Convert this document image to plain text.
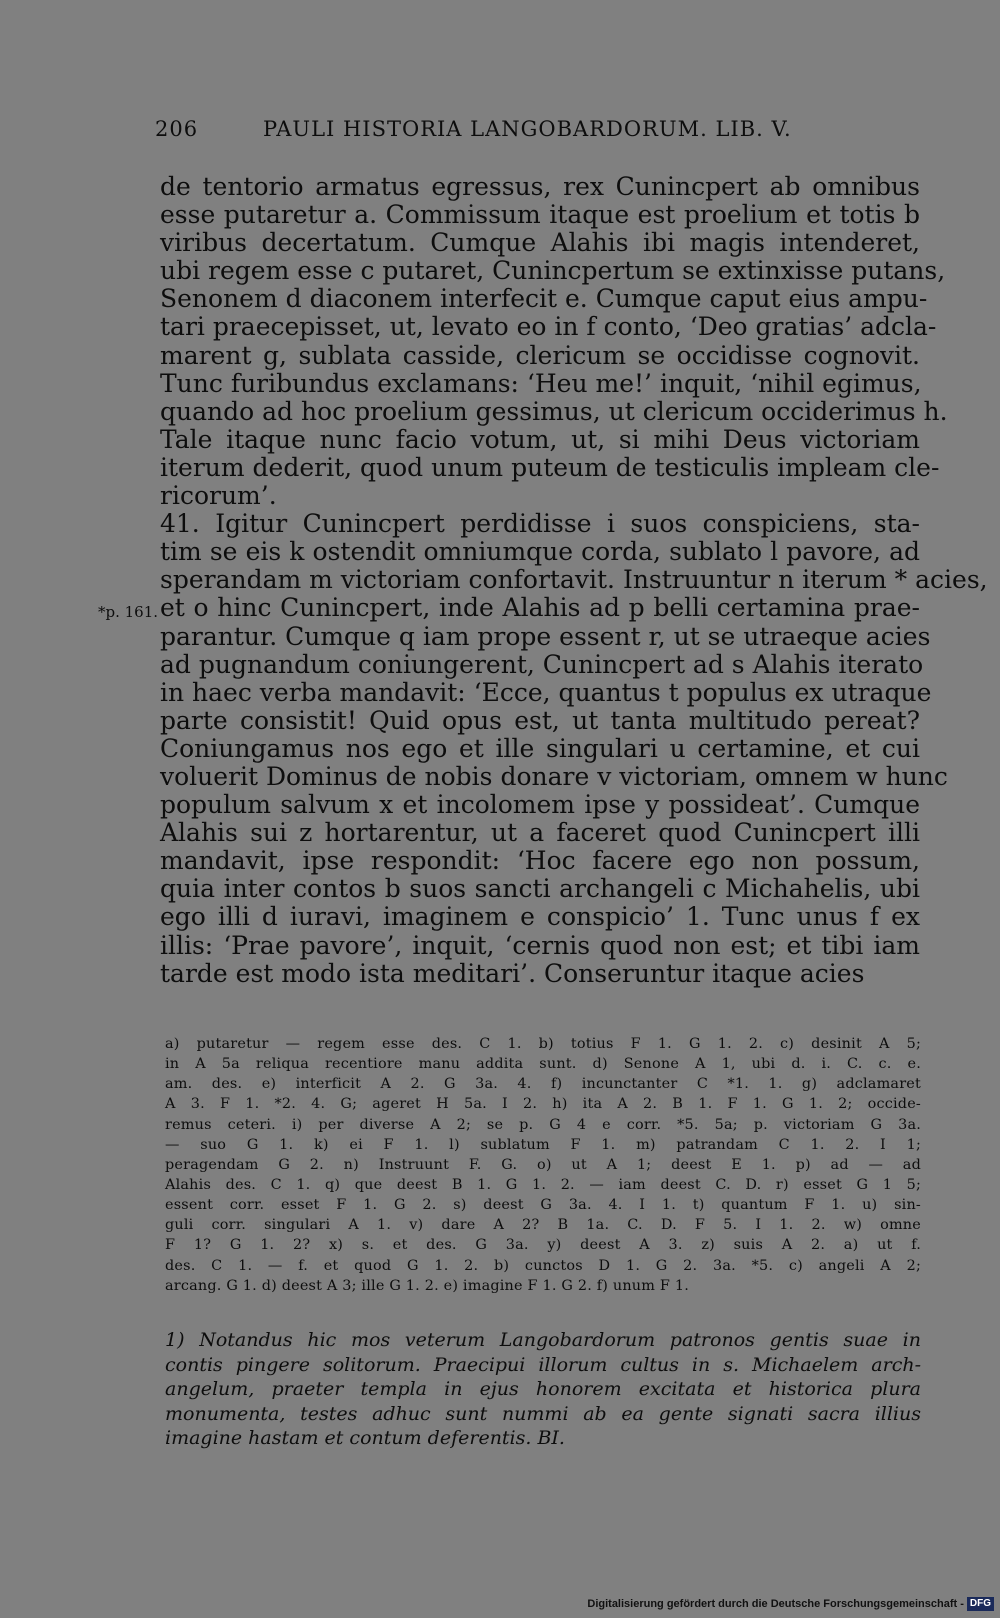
206	PAULI HISTORIA LANGOBARDORUM. LIB. V.
*p. 161.
de tentorio armatus egressus, rex Cunincpert ab omnibus
esse putaretur a. Commissum itaque est proelium et totis b
viribus decertatum. Cumque Alahis ibi magis intenderet,
ubi regem esse c putaret, Cunincpertum se extinxisse putans,
Senonem d diaconem interfecit e. Cumque caput eius ampu-
tari praecepisset, ut, levato eo in f conto, ‘Deo gratias’ adcla-
marent g, sublata casside, clericum se occidisse cognovit.
Tunc furibundus exclamans: ‘Heu me!’ inquit, ‘nihil egimus,
quando ad hoc proelium gessimus, ut clericum occiderimus h.
Tale itaque nunc facio votum, ut, si mihi Deus victoriam
iterum dederit, quod unum puteum de testiculis impleam cle-
ricorum’.
41. Igitur Cunincpert perdidisse i suos conspiciens, sta-
tim se eis k ostendit omniumque corda, sublato l pavore, ad
sperandam m victoriam confortavit. Instruuntur n iterum * acies,
et o hinc Cunincpert, inde Alahis ad p belli certamina prae-
parantur. Cumque q iam prope essent r, ut se utraeque acies
ad pugnandum coniungerent, Cunincpert ad s Alahis iterato
in haec verba mandavit: ‘Ecce, quantus t populus ex utraque
parte consistit! Quid opus est, ut tanta multitudo pereat?
Coniungamus nos ego et ille singulari u certamine, et cui
voluerit Dominus de nobis donare v victoriam, omnem w hunc
populum salvum x et incolomem ipse y possideat’. Cumque
Alahis sui z hortarentur, ut a faceret quod Cunincpert illi
mandavit, ipse respondit: ‘Hoc facere ego non possum,
quia inter contos b suos sancti archangeli c Michahelis, ubi
ego illi d iuravi, imaginem e conspicio’ 1. Tunc unus f ex
illis: ‘Prae pavore’, inquit, ‘cernis quod non est; et tibi iam
tarde est modo ista meditari’. Conseruntur itaque acies
a) putaretur — regem esse des. C 1. b) totius F 1. G 1. 2. c) desinit A 5;
in A 5a reliqua recentiore manu addita sunt. d) Senone A 1, ubi d. i. C. c. e.
am. des. e) interficit A 2. G 3a. 4. f) incunctanter C *1. 1. g) adclamaret
A 3. F 1. *2. 4. G; ageret H 5a. I 2. h) ita A 2. B 1. F 1. G 1. 2; occide-
remus ceteri. i) per diverse A 2; se p. G 4 e corr. *5. 5a; p. victoriam G 3a.
— suo G 1. k) ei F 1. l) sublatum F 1. m) patrandam C 1. 2. I 1;
peragendam G 2. n) Instruunt F. G. o) ut A 1; deest E 1. p) ad — ad
Alahis des. C 1. q) que deest B 1. G 1. 2. — iam deest C. D. r) esset G 1 5;
essent corr. esset F 1. G 2. s) deest G 3a. 4. I 1. t) quantum F 1. u) sin-
guli corr. singulari A 1. v) dare A 2? B 1a. C. D. F 5. I 1. 2. w) omne
F 1? G 1. 2? x) s. et des. G 3a. y) deest A 3. z) suis A 2. a) ut f.
des. C 1. — f. et quod G 1. 2. b) cunctos D 1. G 2. 3a. *5. c) angeli A 2;
arcang. G 1. d) deest A 3; ille G 1. 2. e) imagine F 1. G 2. f) unum F 1.
1) Notandus hic mos veterum Langobardorum patronos gentis suae in
contis pingere solitorum. Praecipui illorum cultus in s. Michaelem arch-
angelum, praeter templa in ejus honorem excitata et historica plura
monumenta, testes adhuc sunt nummi ab ea gente signati sacra illius
imagine hastam et contum deferentis. BI.
Digitalisierung gefördert durch die Deutsche Forschungsgemeinschaft - DFG
